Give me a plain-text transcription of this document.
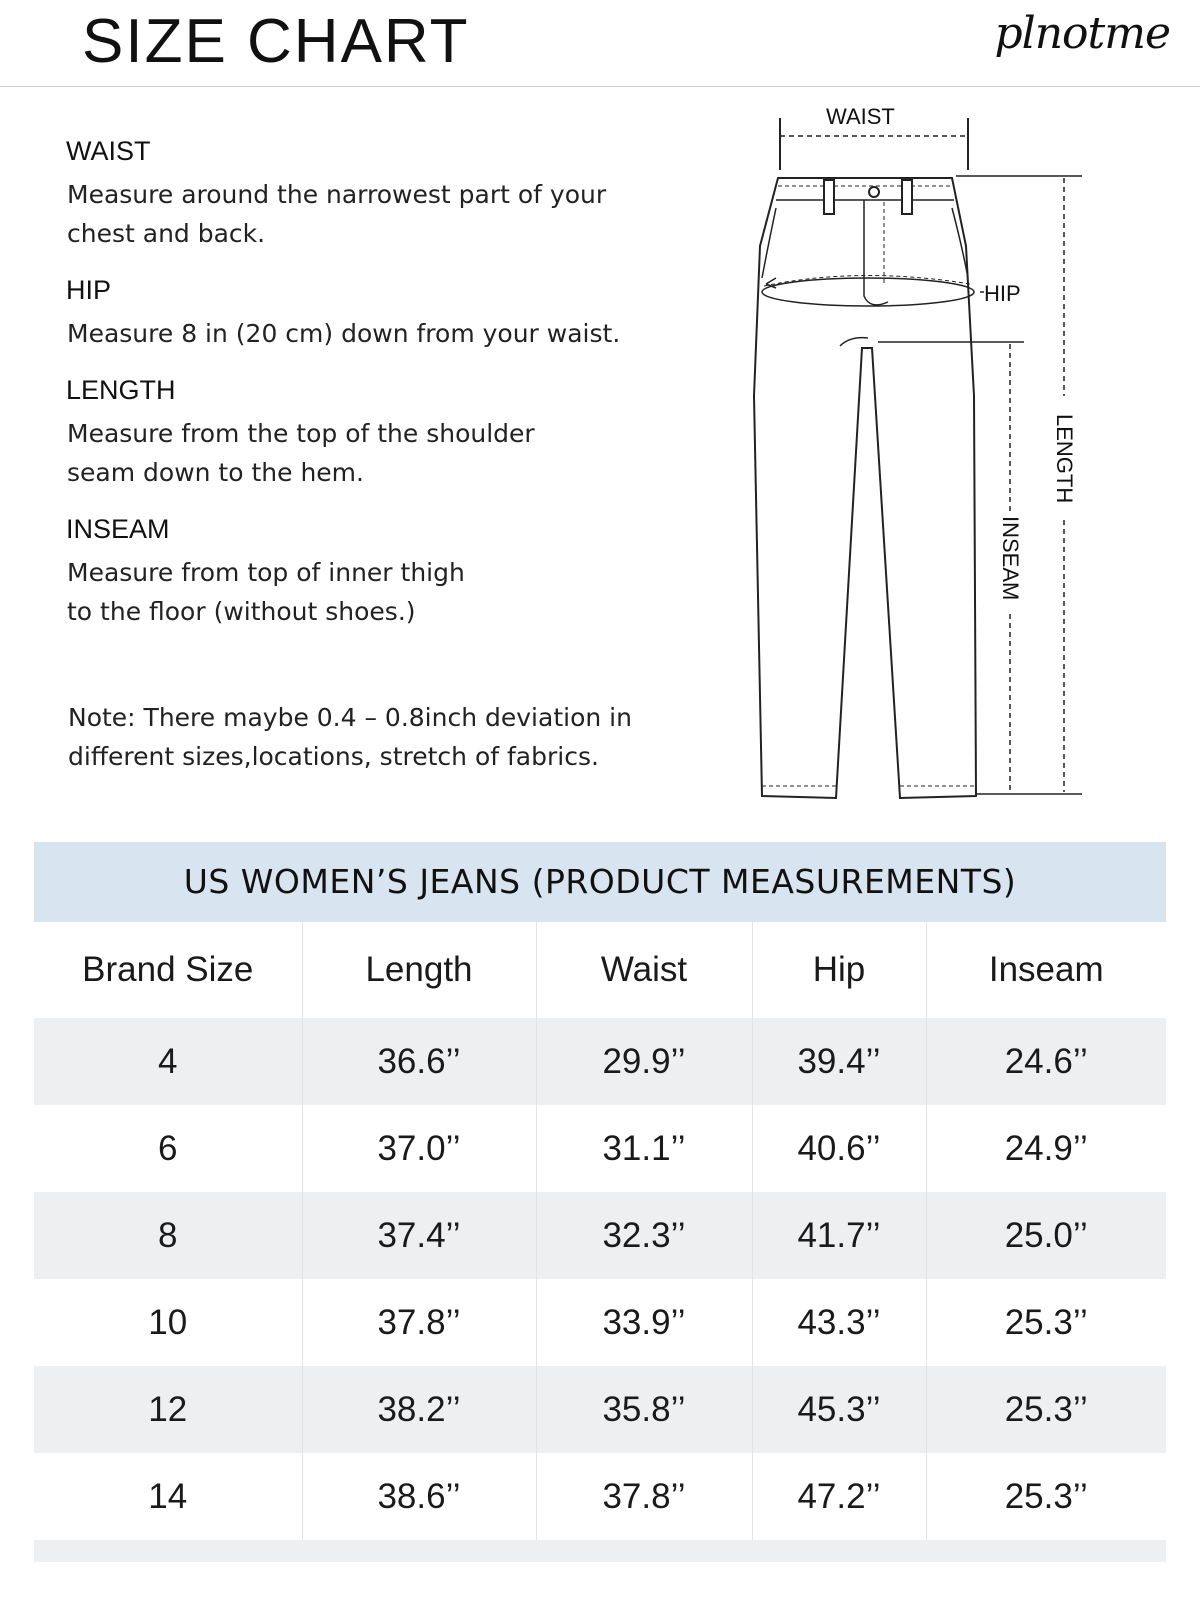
SIZE CHART	plnotme
WAIST
Measure around the narrowest part of your
chest and back.
HIP
Measure 8 in (20 cm) down from your waist.
LENGTH
Measure from the top of the shoulder
seam down to the hem.
INSEAM
Measure from top of inner thigh
to the floor (without shoes.)
Note: There maybe 0.4 – 0.8inch deviation in
different sizes,locations, stretch of fabrics.
WAIST
HIP
LENGTH
INSEAM
US WOMEN’S JEANS (PRODUCT MEASUREMENTS)
Brand Size	Length	Waist	Hip	Inseam
4	36.6’’	29.9’’	39.4’’	24.6’’
6	37.0’’	31.1’’	40.6’’	24.9’’
8	37.4’’	32.3’’	41.7’’	25.0’’
10	37.8’’	33.9’’	43.3’’	25.3’’
12	38.2’’	35.8’’	45.3’’	25.3’’
14	38.6’’	37.8’’	47.2’’	25.3’’
